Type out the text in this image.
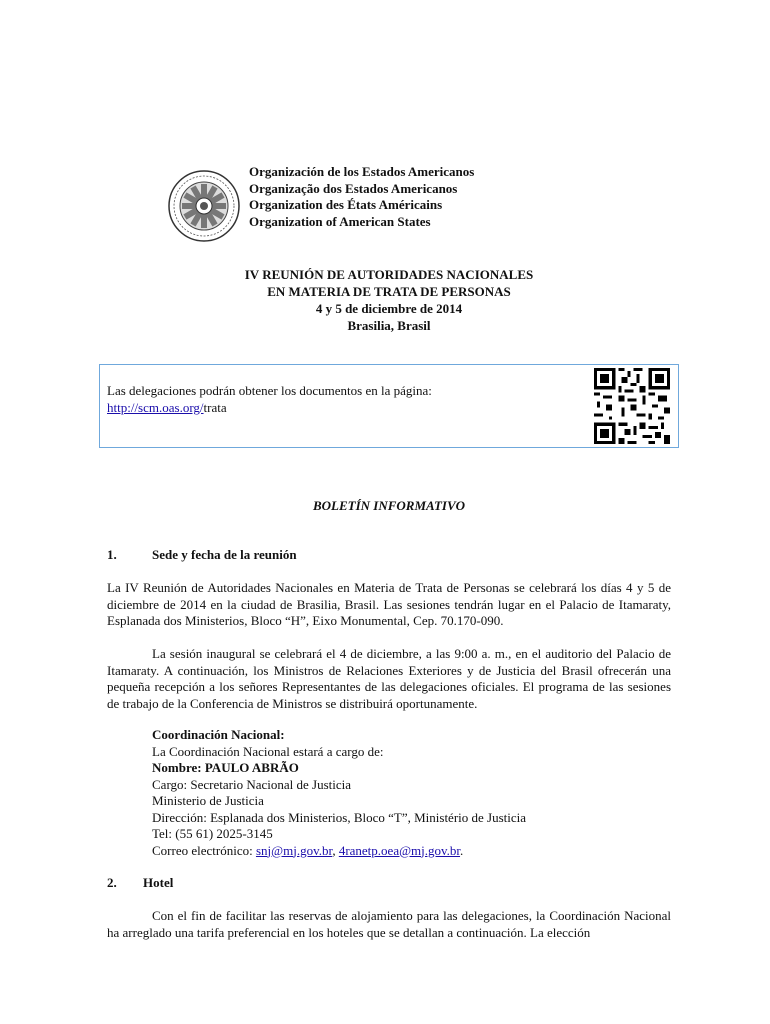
Organización de los Estados Americanos
Organização dos Estados Americanos
Organization des États Américains
Organization of American States
IV REUNIÓN DE AUTORIDADES NACIONALES
EN MATERIA DE TRATA DE PERSONAS
4 y 5 de diciembre de 2014
Brasilia, Brasil
Las delegaciones podrán obtener los documentos en la página:
http://scm.oas.org/trata
BOLETÍN INFORMATIVO
1.	Sede y fecha de la reunión
La IV Reunión de Autoridades Nacionales en Materia de Trata de Personas se celebrará los días 4 y 5 de diciembre de 2014 en la ciudad de Brasilia, Brasil. Las sesiones tendrán lugar en el Palacio de Itamaraty, Esplanada dos Ministerios, Bloco “H”, Eixo Monumental, Cep. 70.170-090.
La sesión inaugural se celebrará el 4 de diciembre, a las 9:00 a. m., en el auditorio del Palacio de Itamaraty. A continuación, los Ministros de Relaciones Exteriores y de Justicia del Brasil ofrecerán una pequeña recepción a los señores Representantes de las delegaciones oficiales. El programa de las sesiones de trabajo de la Conferencia de Ministros se distribuirá oportunamente.
Coordinación Nacional:
La Coordinación Nacional estará a cargo de:
Nombre: PAULO ABRÃO
Cargo: Secretario Nacional de Justicia
Ministerio de Justicia
Dirección: Esplanada dos Ministerios, Bloco “T”, Ministério de Justicia
Tel: (55 61) 2025-3145
Correo electrónico: snj@mj.gov.br, 4ranetp.oea@mj.gov.br.
2. Hotel
Con el fin de facilitar las reservas de alojamiento para las delegaciones, la Coordinación Nacional ha arreglado una tarifa preferencial en los hoteles que se detallan a continuación. La elección
